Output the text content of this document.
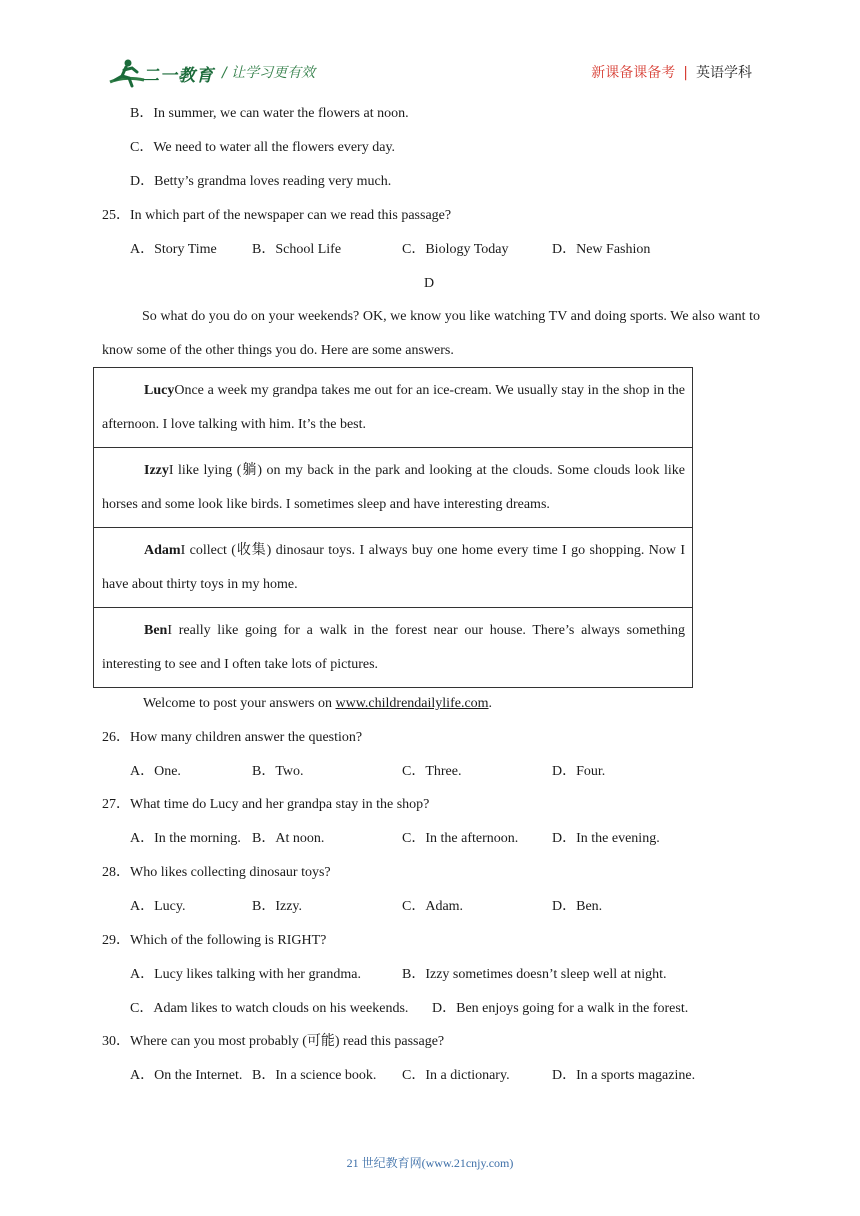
二一教育 / 让学习更有效	新课备课备考 | 英语学科
B．In summer, we can water the flowers at noon.
C．We need to water all the flowers every day.
D．Betty’s grandma loves reading very much.
25．In which part of the newspaper can we read this passage?
A．Story Time	B．School Life	C．Biology Today	D．New Fashion
D
So what do you do on your weekends? OK, we know you like watching TV and doing sports. We also want to know some of the other things you do. Here are some answers.
LucyOnce a week my grandpa takes me out for an ice-cream. We usually stay in the shop in the afternoon. I love talking with him. It’s the best.

IzzyI like lying (躺) on my back in the park and looking at the clouds. Some clouds look like horses and some look like birds. I sometimes sleep and have interesting dreams.

AdamI collect (收集) dinosaur toys. I always buy one home every time I go shopping. Now I have about thirty toys in my home.

BenI really like going for a walk in the forest near our house. There’s always something interesting to see and I often take lots of pictures.
Welcome to post your answers on www.childrendailylife.com.
26．How many children answer the question?
A．One.	B．Two.	C．Three.	D．Four.
27．What time do Lucy and her grandpa stay in the shop?
A．In the morning. B．At noon.	C．In the afternoon. D．In the evening.
28．Who likes collecting dinosaur toys?
A．Lucy.	B．Izzy.	C．Adam.	D．Ben.
29．Which of the following is RIGHT?
A．Lucy likes talking with her grandma.	B．Izzy sometimes doesn’t sleep well at night.
C．Adam likes to watch clouds on his weekends. D．Ben enjoys going for a walk in the forest.
30．Where can you most probably (可能) read this passage?
A．On the Internet. B．In a science book. C．In a dictionary.	D．In a sports magazine.
21 世纪教育网(www.21cnjy.com)
